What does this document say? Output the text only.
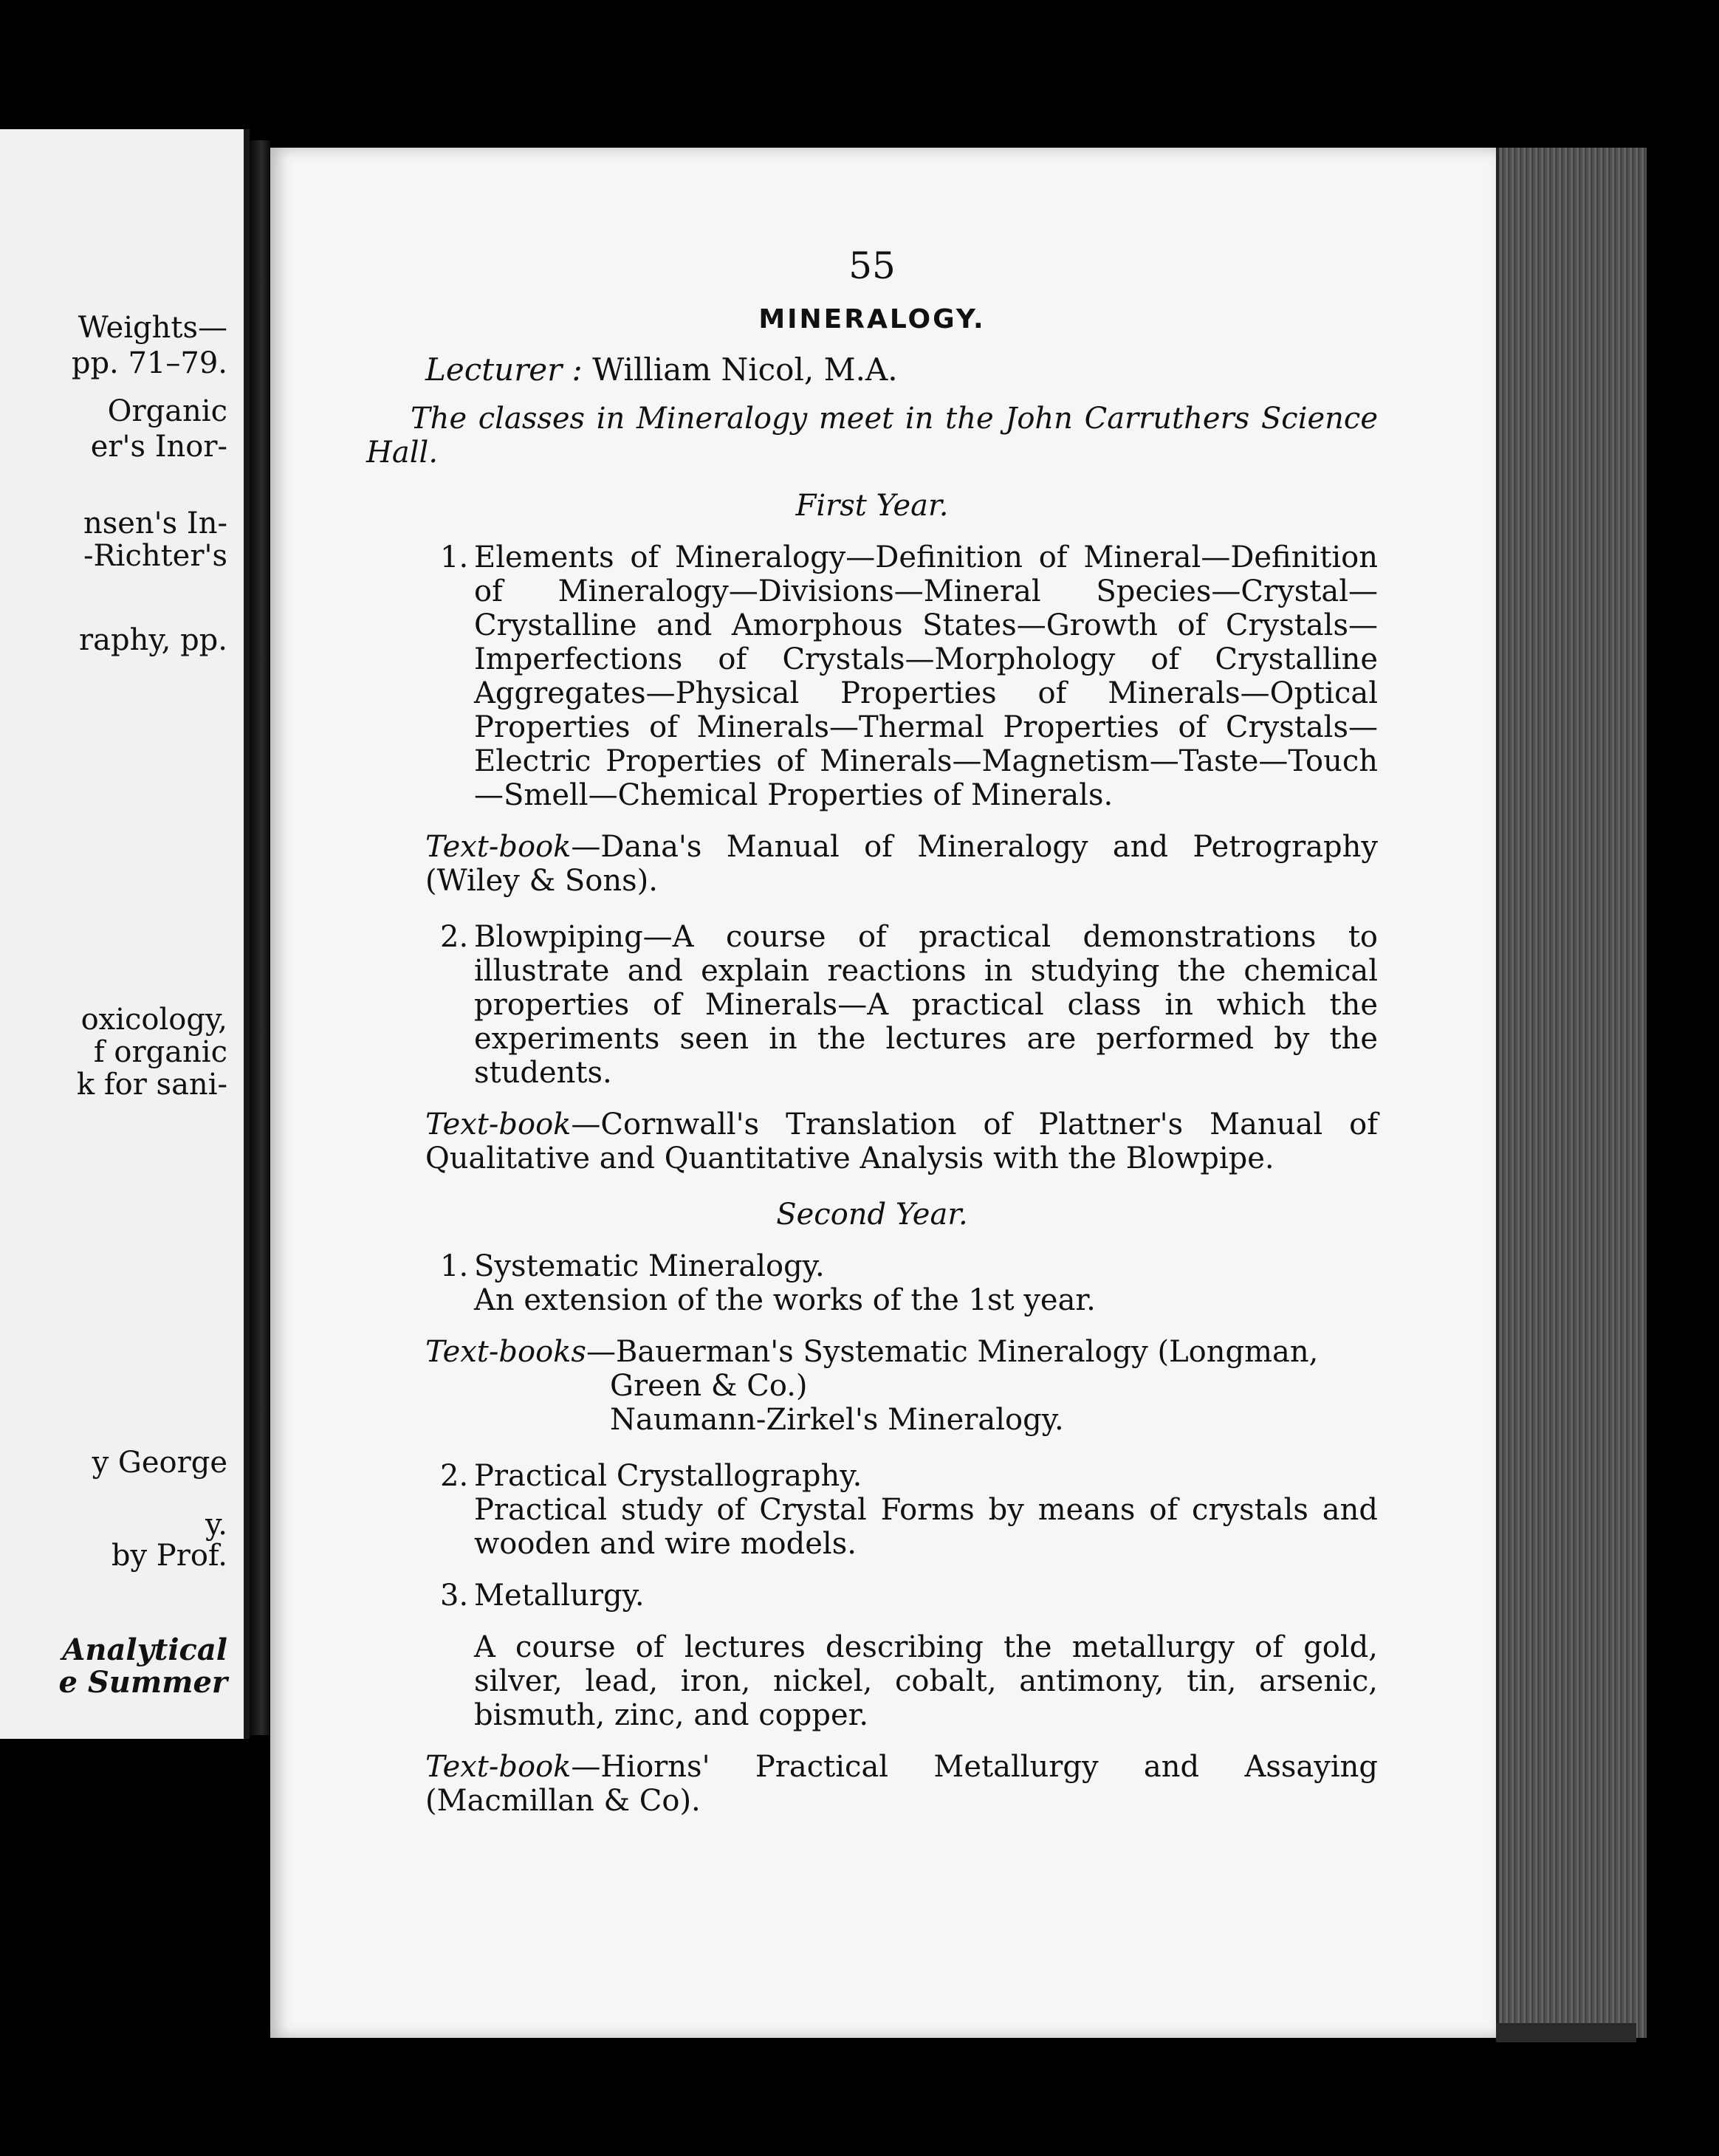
Weights—

pp. 71–79.

Organic

er's Inor-

nsen's In-

-Richter's

raphy, pp.

oxicology,

f organic

k for sani-

y George

y.

by Prof.

Analytical

e Summer

55

MINERALOGY.

Lecturer : William Nicol, M.A.

The classes in Mineralogy meet in the John Carruthers Science Hall.

First Year.

1. Elements of Mineralogy—Definition of Mineral—Definition of Mineralogy—Divisions—Mineral Species—Crystal—Crystalline and Amorphous States—Growth of Crystals—Imperfections of Crystals—Morphology of Crystalline Aggregates—Physical Properties of Minerals—Optical Properties of Minerals—Thermal Properties of Crystals—Electric Properties of Minerals—Magnetism—Taste—Touch—Smell—Chemical Properties of Minerals.

Text-book—Dana's Manual of Mineralogy and Petrography (Wiley & Sons).

2. Blowpiping—A course of practical demonstrations to illustrate and explain reactions in studying the chemical properties of Minerals—A practical class in which the experiments seen in the lectures are performed by the students.

Text-book—Cornwall's Translation of Plattner's Manual of Qualitative and Quantitative Analysis with the Blowpipe.

Second Year.

1. Systematic Mineralogy.
An extension of the works of the 1st year.

Text-books—Bauerman's Systematic Mineralogy (Longman,
Green & Co.)
Naumann-Zirkel's Mineralogy.

2. Practical Crystallography.
Practical study of Crystal Forms by means of crystals and wooden and wire models.
3. Metallurgy.
A course of lectures describing the metallurgy of gold, silver, lead, iron, nickel, cobalt, antimony, tin, arsenic, bismuth, zinc, and copper.

Text-book—Hiorns' Practical Metallurgy and Assaying (Macmillan & Co).
